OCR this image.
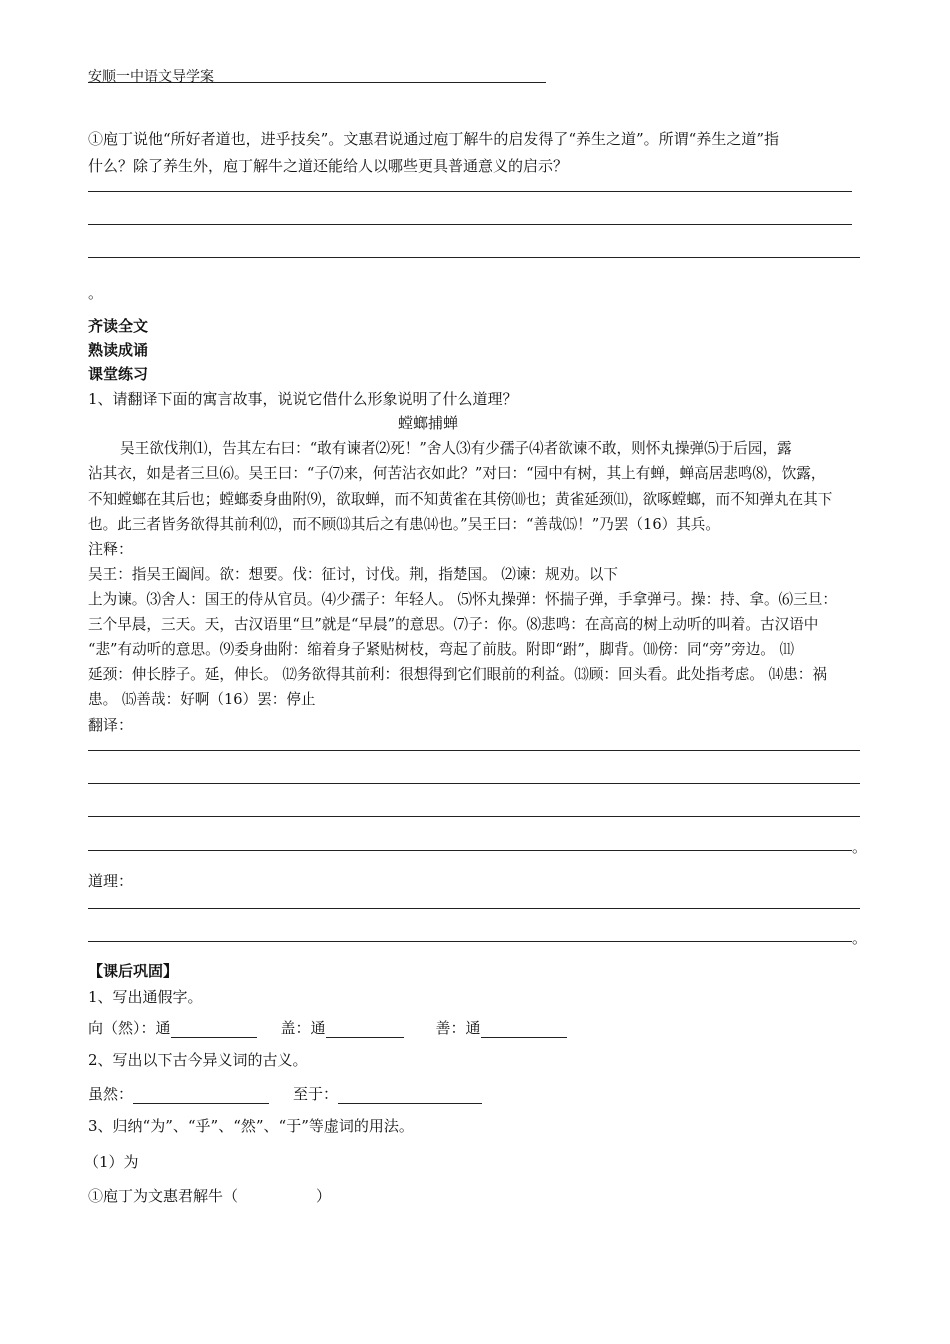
安顺一中语文导学案
①庖丁说他“所好者道也，进乎技矣”。文惠君说通过庖丁解牛的启发得了“养生之道”。所谓“养生之道”指
什么？除了养生外，庖丁解牛之道还能给人以哪些更具普通意义的启示？
。
齐读全文
熟读成诵
课堂练习
1、请翻译下面的寓言故事，说说它借什么形象说明了什么道理？
螳螂捕蝉
吴王欲伐荆⑴，告其左右曰：“敢有谏者⑵死！”舍人⑶有少孺子⑷者欲谏不敢，则怀丸操弹⑸于后园，露
沾其衣，如是者三旦⑹。吴王曰：“子⑺来，何苦沾衣如此？”对曰：“园中有树，其上有蝉，蝉高居悲鸣⑻，饮露，
不知螳螂在其后也；螳螂委身曲附⑼，欲取蝉，而不知黄雀在其傍⑽也；黄雀延颈⑾，欲啄螳螂，而不知弹丸在其下
也。此三者皆务欲得其前利⑿，而不顾⒀其后之有患⒁也。”吴王曰：“善哉⒂！”乃罢（16）其兵。
注释：
吴王：指吴王阖闾。欲：想要。伐：征讨，讨伐。荆，指楚国。 ⑵谏：规劝。以下
上为谏。⑶舍人：国王的侍从官员。⑷少孺子：年轻人。 ⑸怀丸操弹：怀揣子弹，手拿弹弓。操：持、拿。⑹三旦：
三个早晨，三天。天，古汉语里“旦”就是“早晨”的意思。⑺子：你。⑻悲鸣：在高高的树上动听的叫着。古汉语中
“悲”有动听的意思。⑼委身曲附：缩着身子紧贴树枝，弯起了前肢。附即“跗”，脚背。⑽傍：同“旁”旁边。 ⑾
延颈：伸长脖子。延，伸长。 ⑿务欲得其前利：很想得到它们眼前的利益。⒀顾：回头看。此处指考虑。 ⒁患：祸
患。 ⒂善哉：好啊（16）罢：停止
翻译：
。
道理：
。
【课后巩固】
1、写出通假字。
向（然）：通	盖：通	善：通
2、写出以下古今异义词的古义。
虽然：	至于：
3、归纳“为”、“乎”、“然”、“于”等虚词的用法。
（1）为
①庖丁为文惠君解牛（	）
